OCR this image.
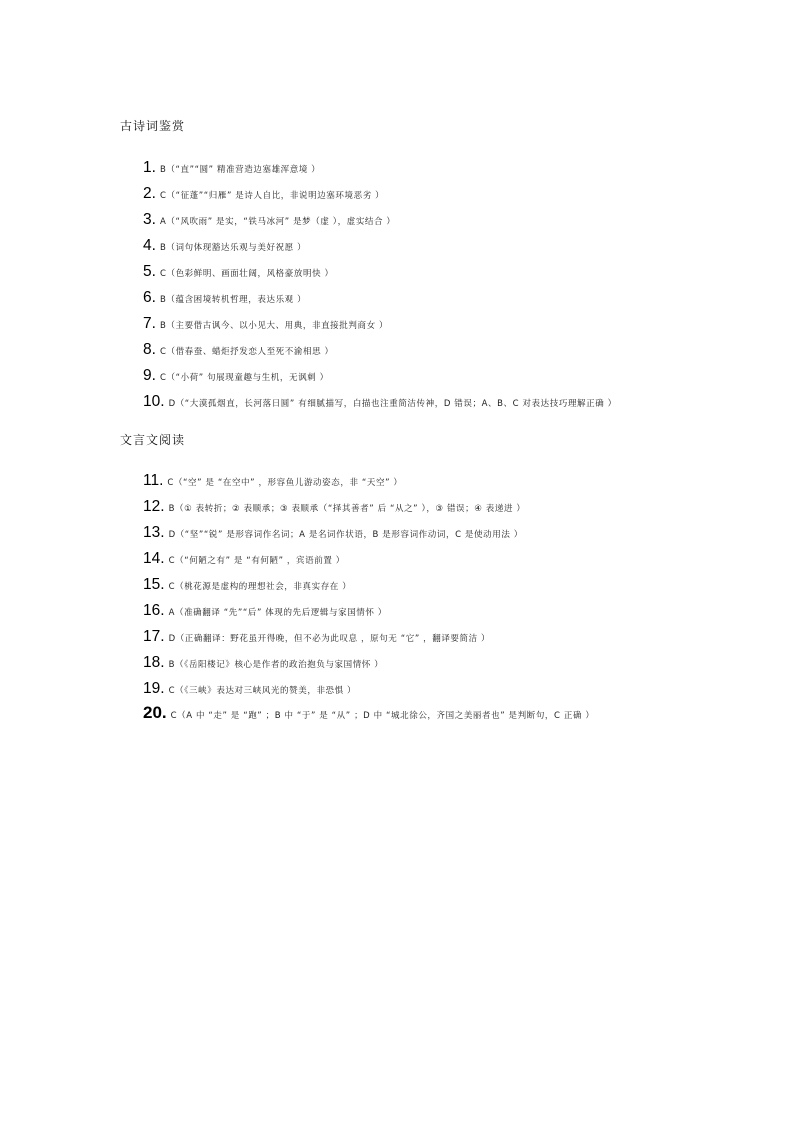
古诗词鉴赏
1. B（“直”“圆” 精准营造边塞雄浑意境 ）
2. C（“征蓬”“归雁” 是诗人自比，非说明边塞环境恶劣 ）
3. A（“风吹雨” 是实，“铁马冰河” 是梦（虚 ），虚实结合 ）
4. B（词句体现豁达乐观与美好祝愿 ）
5. C（色彩鲜明、画面壮阔，风格豪放明快 ）
6. B（蕴含困境转机哲理，表达乐观 ）
7. B（主要借古讽今、以小见大、用典，非直接批判商女 ）
8. C（借春蚕、蜡炬抒发恋人至死不渝相思 ）
9. C（“小荷” 句展现童趣与生机，无讽刺 ）
10. D（“大漠孤烟直，长河落日圆” 有细腻描写，白描也注重简洁传神，D 错误；A、B、C 对表达技巧理解正确 ）
文言文阅读
11. C（“空” 是 “在空中” ，形容鱼儿游动姿态，非 “天空” ）
12. B（① 表转折；② 表顺承；③ 表顺承（“择其善者” 后 “从之” ），③ 错误；④ 表递进 ）
13. D（“坚”“锐” 是形容词作名词；A 是名词作状语，B 是形容词作动词，C 是使动用法 ）
14. C（“何陋之有” 是 “有何陋” ，宾语前置 ）
15. C（桃花源是虚构的理想社会，非真实存在 ）
16. A（准确翻译 “先”“后” 体现的先后逻辑与家国情怀 ）
17. D（正确翻译：野花虽开得晚，但不必为此叹息 ，原句无 “它” ，翻译要简洁 ）
18. B（《岳阳楼记》核心是作者的政治抱负与家国情怀 ）
19. C（《三峡》表达对三峡风光的赞美，非恐惧 ）
20. C（A 中 “走” 是 “跑” ；B 中 “于” 是 “从” ；D 中 “城北徐公，齐国之美丽者也” 是判断句，C 正确 ）
